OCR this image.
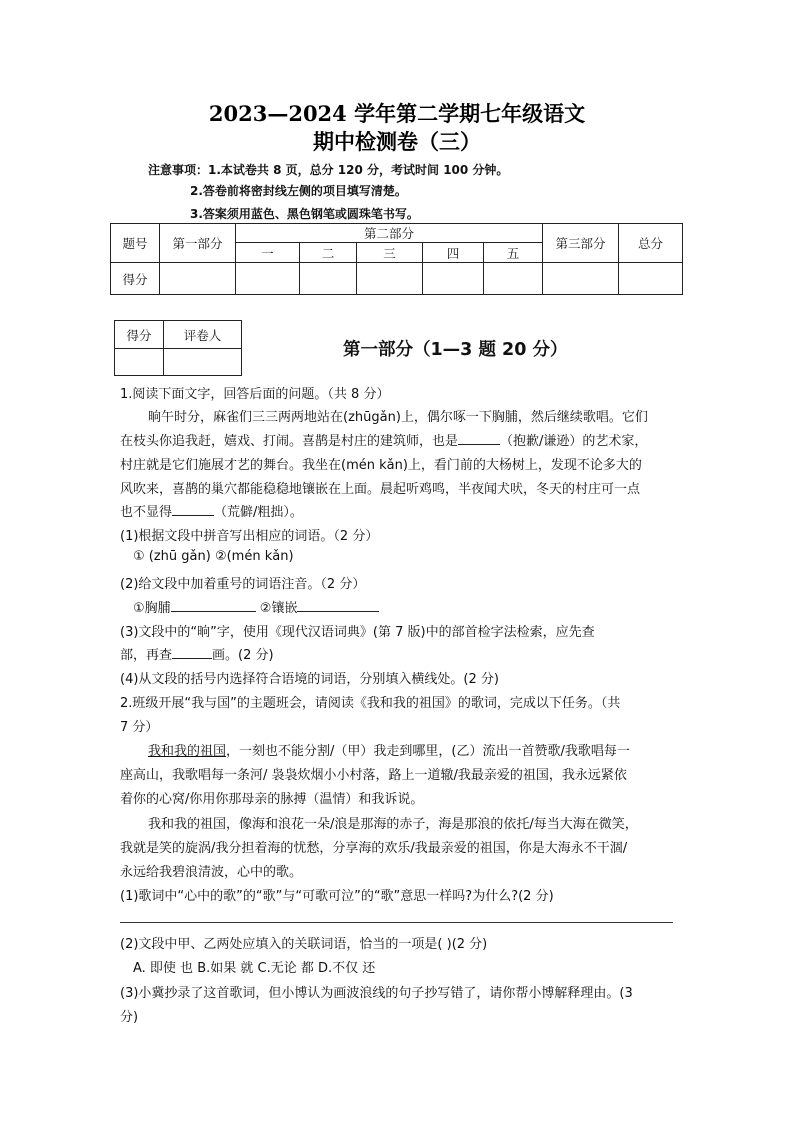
2023—2024 学年第二学期七年级语文
期中检测卷（三）
注意事项：1.本试卷共 8 页，总分 120 分，考试时间 100 分钟。
2.答卷前将密封线左侧的项目填写清楚。
3.答案须用蓝色、黑色钢笔或圆珠笔书写。
题号	第一部分	第二部分					第三部分	总分
		一	二	三	四	五		
得分								
得分	评卷人

第一部分（1—3 题 20 分）
1.阅读下面文字，回答后面的问题。（共 8 分）
晌午时分，麻雀们三三两两地站在(zhūgǎn)上，偶尔啄一下胸脯，然后继续歌唱。它们
在枝头你追我赶，嬉戏、打闹。喜鹊是村庄的建筑师，也是	（抱歉/谦逊）的艺术家，
村庄就是它们施展才艺的舞台。我坐在(mén kǎn)上，看门前的大杨树上，发现不论多大的
风吹来，喜鹊的巢穴都能稳稳地镶嵌在上面。晨起听鸡鸣，半夜闻犬吠，冬天的村庄可一点
也不显得	（荒僻/粗拙）。
(1)根据文段中拼音写出相应的词语。（2 分）
① (zhū gǎn) ②(mén kǎn)
(2)给文段中加着重号的词语注音。（2 分）
①胸脯	②镶嵌
(3)文段中的“晌”字，使用《现代汉语词典》(第 7 版)中的部首检字法检索，应先查
部，再查	画。(2 分)
(4)从文段的括号内选择符合语境的词语，分别填入横线处。(2 分)
2.班级开展“我与国”的主题班会，请阅读《我和我的祖国》的歌词，完成以下任务。（共
7 分）
我和我的祖国，一刻也不能分割/（甲）我走到哪里，(乙）流出一首赞歌/我歌唱每一
座高山，我歌唱每一条河/ 袅袅炊烟小小村落，路上一道辙/我最亲爱的祖国，我永远紧依
着你的心窝/你用你那母亲的脉搏（温情）和我诉说。
我和我的祖国，像海和浪花一朵/浪是那海的赤子，海是那浪的依托/每当大海在微笑，
我就是笑的旋涡/我分担着海的忧愁，分享海的欢乐/我最亲爱的祖国，你是大海永不干涸/
永远给我碧浪清波，心中的歌。
(1)歌词中“心中的歌”的“歌”与“可歌可泣”的“歌”意思一样吗?为什么?(2 分)
(2)文段中甲、乙两处应填入的关联词语，恰当的一项是( )(2 分)
A. 即使 也 B.如果 就 C.无论 都 D.不仅 还
(3)小冀抄录了这首歌词，但小博认为画波浪线的句子抄写错了，请你帮小博解释理由。(3
分)
